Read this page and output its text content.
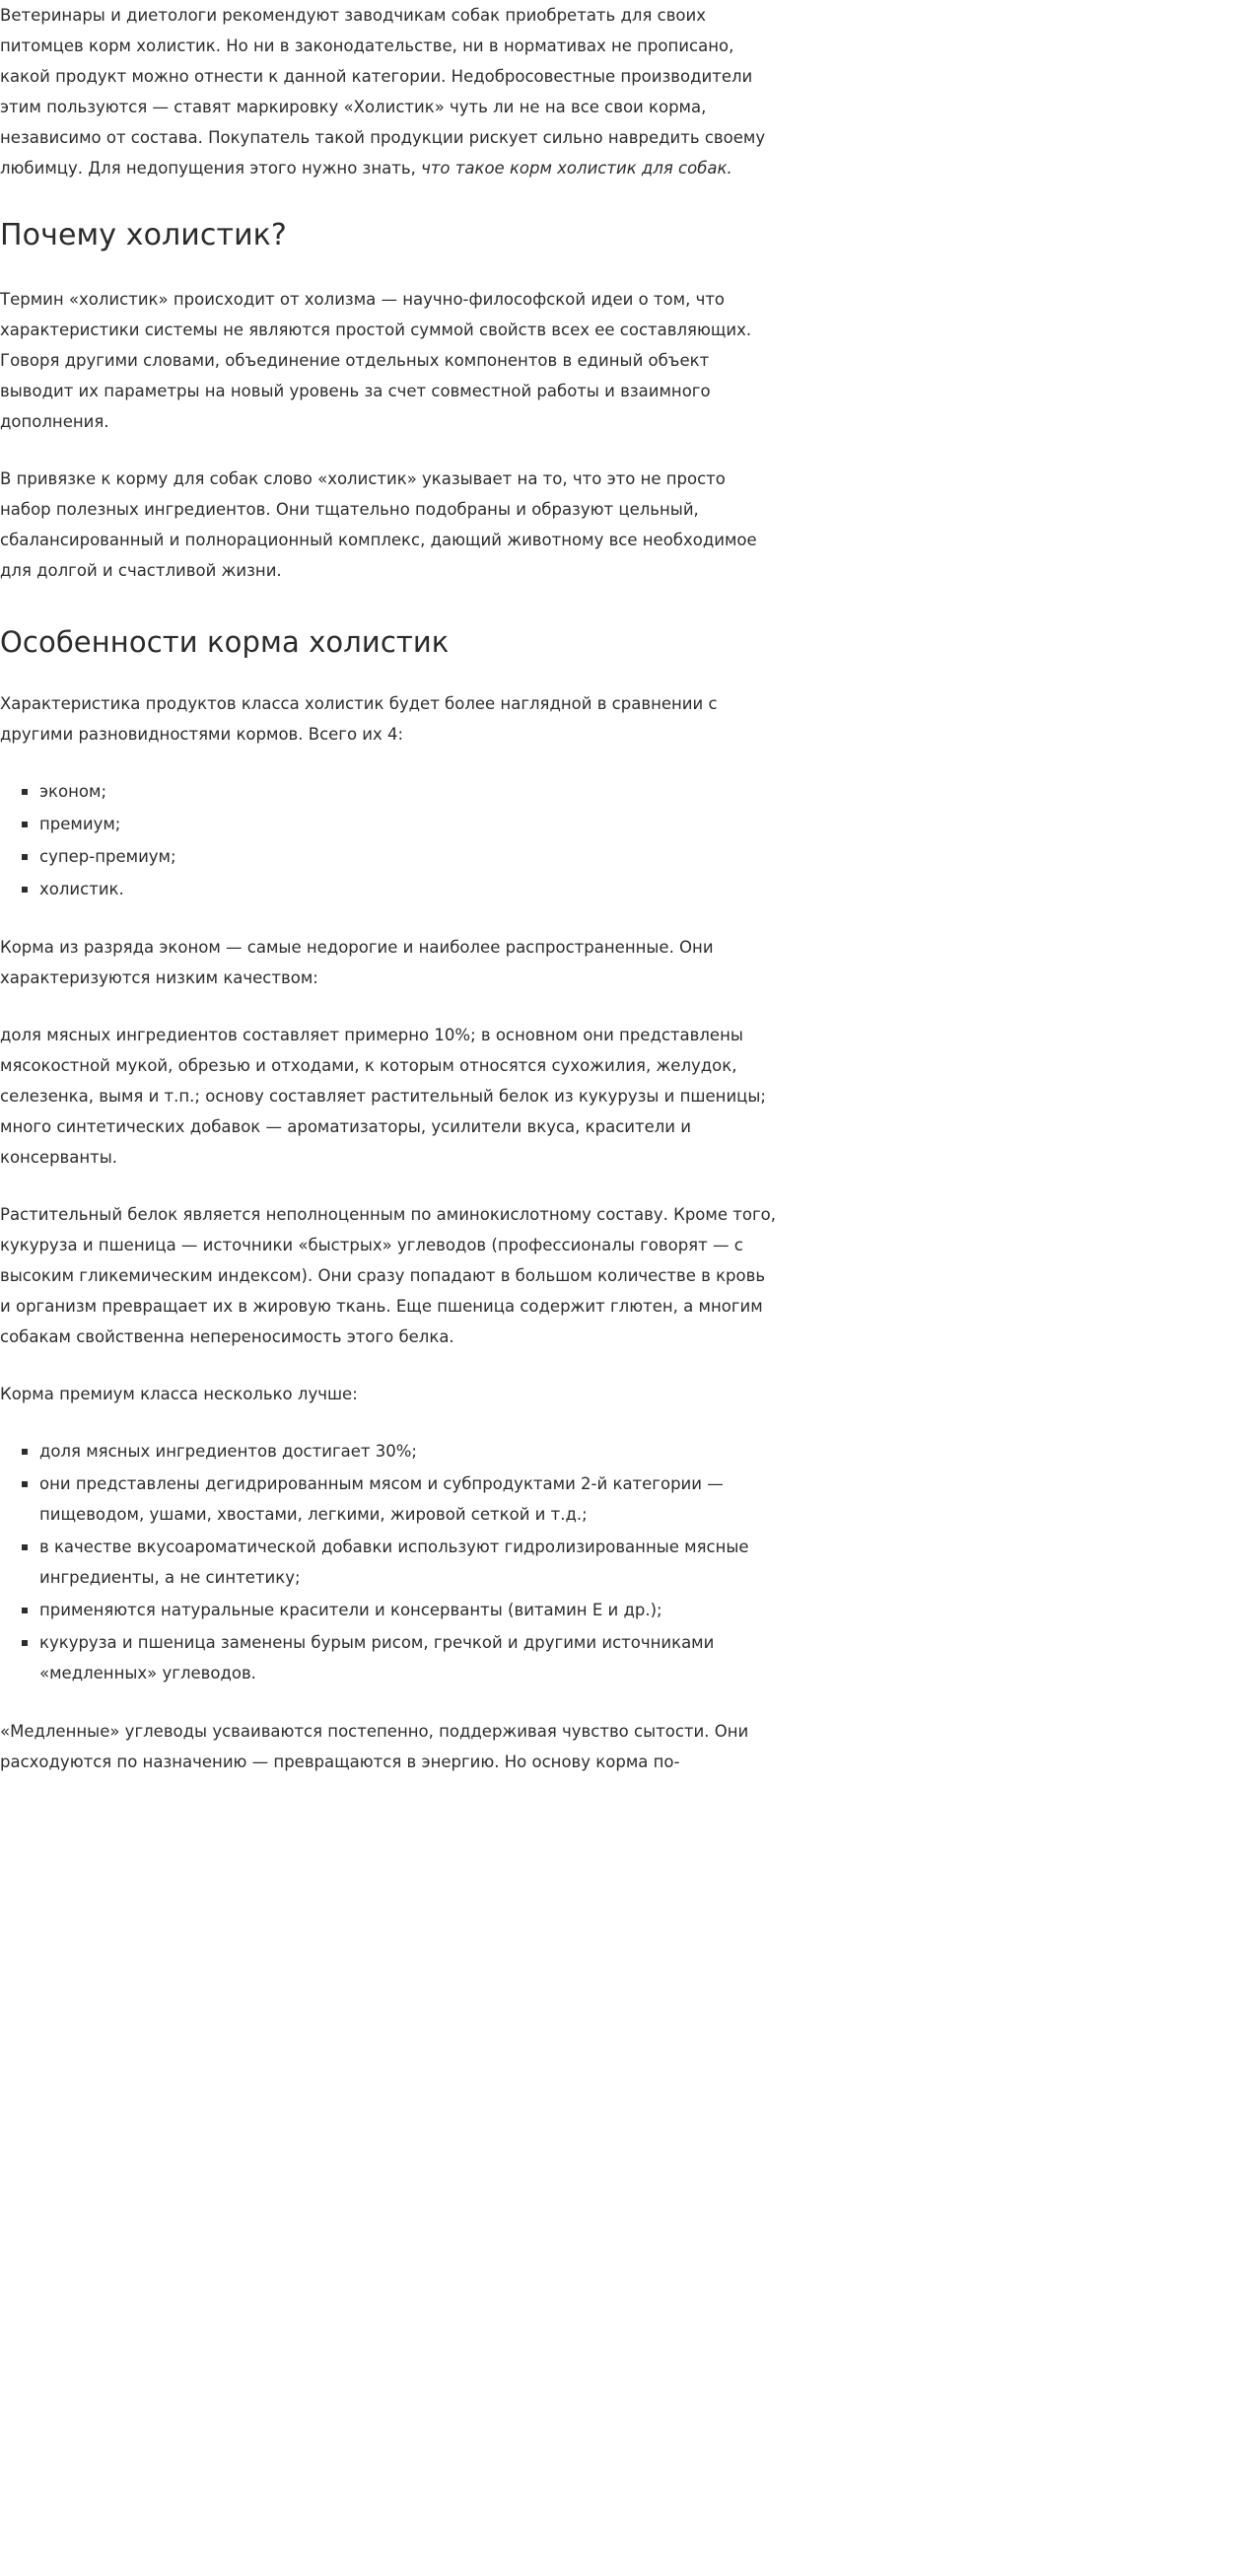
Ветеринары и диетологи рекомендуют заводчикам собак приобретать для своих питомцев корм холистик. Но ни в законодательстве, ни в нормативах не прописано, какой продукт можно отнести к данной категории. Недобросовестные производители этим пользуются — ставят маркировку «Холистик» чуть ли не на все свои корма, независимо от состава. Покупатель такой продукции рискует сильно навредить своему любимцу. Для недопущения этого нужно знать, что такое корм холистик для собак.

Почему холистик?

Термин «холистик» происходит от холизма — научно-философской идеи о том, что характеристики системы не являются простой суммой свойств всех ее составляющих. Говоря другими словами, объединение отдельных компонентов в единый объект выводит их параметры на новый уровень за счет совместной работы и взаимного дополнения.

В привязке к корму для собак слово «холистик» указывает на то, что это не просто набор полезных ингредиентов. Они тщательно подобраны и образуют цельный, сбалансированный и полнорационный комплекс, дающий животному все необходимое для долгой и счастливой жизни.

Особенности корма холистик

Характеристика продуктов класса холистик будет более наглядной в сравнении с другими разновидностями кормов. Всего их 4:

эконом;
премиум;
супер-премиум;
холистик.

Корма из разряда эконом — самые недорогие и наиболее распространенные. Они характеризуются низким качеством:

доля мясных ингредиентов составляет примерно 10%; в основном они представлены мясокостной мукой, обрезью и отходами, к которым относятся сухожилия, желудок, селезенка, вымя и т.п.; основу составляет растительный белок из кукурузы и пшеницы; много синтетических добавок — ароматизаторы, усилители вкуса, красители и консерванты.

Растительный белок является неполноценным по аминокислотному составу. Кроме того, кукуруза и пшеница — источники «быстрых» углеводов (профессионалы говорят — с высоким гликемическим индексом). Они сразу попадают в большом количестве в кровь и организм превращает их в жировую ткань. Еще пшеница содержит глютен, а многим собакам свойственна непереносимость этого белка.

Корма премиум класса несколько лучше:

доля мясных ингредиентов достигает 30%;
они представлены дегидрированным мясом и субпродуктами 2-й категории — пищеводом, ушами, хвостами, легкими, жировой сеткой и т.д.;
в качестве вкусоароматической добавки используют гидролизированные мясные ингредиенты, а не синтетику;
применяются натуральные красители и консерванты (витамин Е и др.);
кукуруза и пшеница заменены бурым рисом, гречкой и другими источниками «медленных» углеводов.

«Медленные» углеводы усваиваются постепенно, поддерживая чувство сытости. Они расходуются по назначению — превращаются в энергию. Но основу корма по-
